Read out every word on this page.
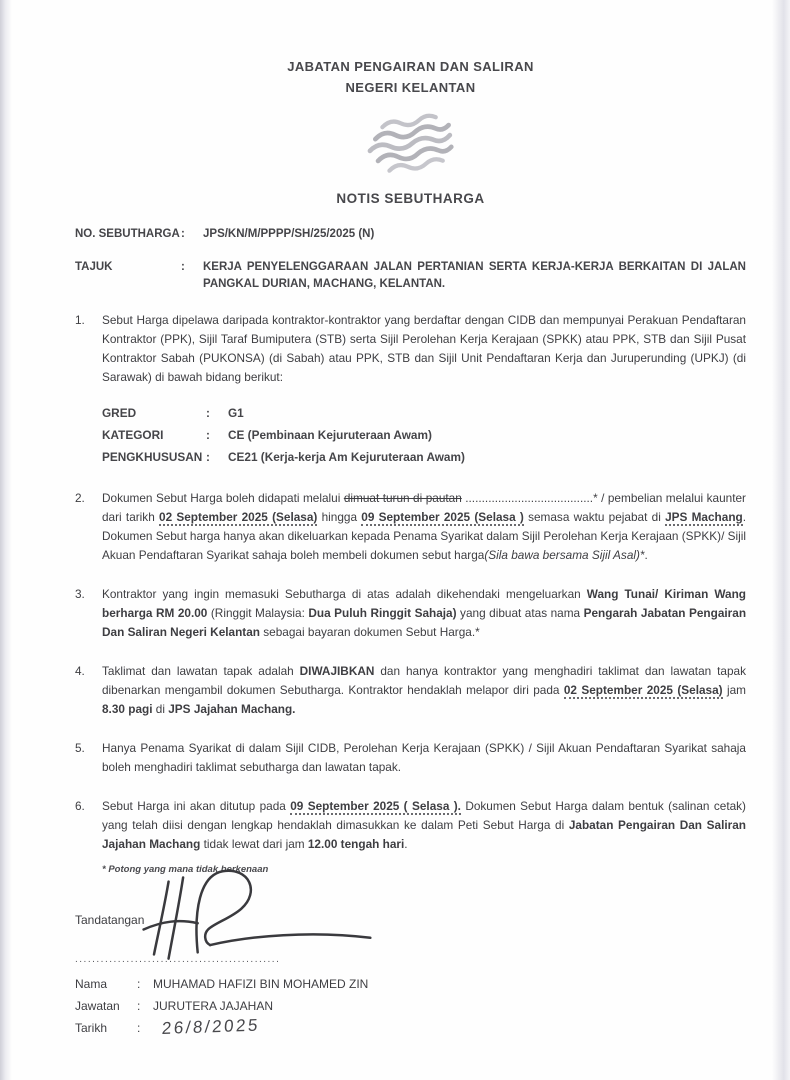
JABATAN PENGAIRAN DAN SALIRAN
NEGERI KELANTAN
NOTIS SEBUTHARGA
NO. SEBUTHARGA :	JPS/KN/M/PPPP/SH/25/2025 (N)
TAJUK	:	KERJA PENYELENGGARAAN JALAN PERTANIAN SERTA KERJA-KERJA BERKAITAN DI JALAN PANGKAL DURIAN, MACHANG, KELANTAN.
1.	Sebut Harga dipelawa daripada kontraktor-kontraktor yang berdaftar dengan CIDB dan mempunyai Perakuan Pendaftaran Kontraktor (PPK), Sijil Taraf Bumiputera (STB) serta Sijil Perolehan Kerja Kerajaan (SPKK) atau PPK, STB dan Sijil Pusat Kontraktor Sabah (PUKONSA) (di Sabah) atau PPK, STB dan Sijil Unit Pendaftaran Kerja dan Juruperunding (UPKJ) (di Sarawak) di bawah bidang berikut:
GRED	:	G1
KATEGORI	:	CE (Pembinaan Kejuruteraan Awam)
PENGKHUSUSAN :	CE21 (Kerja-kerja Am Kejuruteraan Awam)
2.	Dokumen Sebut Harga boleh didapati melalui dimuat turun di pautan .......................................* / pembelian melalui kaunter dari tarikh 02 September 2025 (Selasa) hingga 09 September 2025 (Selasa ) semasa waktu pejabat di JPS Machang. Dokumen Sebut harga hanya akan dikeluarkan kepada Penama Syarikat dalam Sijil Perolehan Kerja Kerajaan (SPKK)/ Sijil Akuan Pendaftaran Syarikat sahaja boleh membeli dokumen sebut harga(Sila bawa bersama Sijil Asal)*.
3.	Kontraktor yang ingin memasuki Sebutharga di atas adalah dikehendaki mengeluarkan Wang Tunai/ Kiriman Wang berharga RM 20.00 (Ringgit Malaysia: Dua Puluh Ringgit Sahaja) yang dibuat atas nama Pengarah Jabatan Pengairan Dan Saliran Negeri Kelantan sebagai bayaran dokumen Sebut Harga.*
4.	Taklimat dan lawatan tapak adalah DIWAJIBKAN dan hanya kontraktor yang menghadiri taklimat dan lawatan tapak dibenarkan mengambil dokumen Sebutharga. Kontraktor hendaklah melapor diri pada 02 September 2025 (Selasa) jam 8.30 pagi di JPS Jajahan Machang.
5.	Hanya Penama Syarikat di dalam Sijil CIDB, Perolehan Kerja Kerajaan (SPKK) / Sijil Akuan Pendaftaran Syarikat sahaja boleh menghadiri taklimat sebutharga dan lawatan tapak.
6.	Sebut Harga ini akan ditutup pada 09 September 2025 ( Selasa ). Dokumen Sebut Harga dalam bentuk (salinan cetak) yang telah diisi dengan lengkap hendaklah dimasukkan ke dalam Peti Sebut Harga di Jabatan Pengairan Dan Saliran Jajahan Machang tidak lewat dari jam 12.00 tengah hari.
* Potong yang mana tidak berkenaan
Tandatangan
................................................
Nama	:	MUHAMAD HAFIZI BIN MOHAMED ZIN
Jawatan	:	JURUTERA JAJAHAN
Tarikh	:	26/8/2025
